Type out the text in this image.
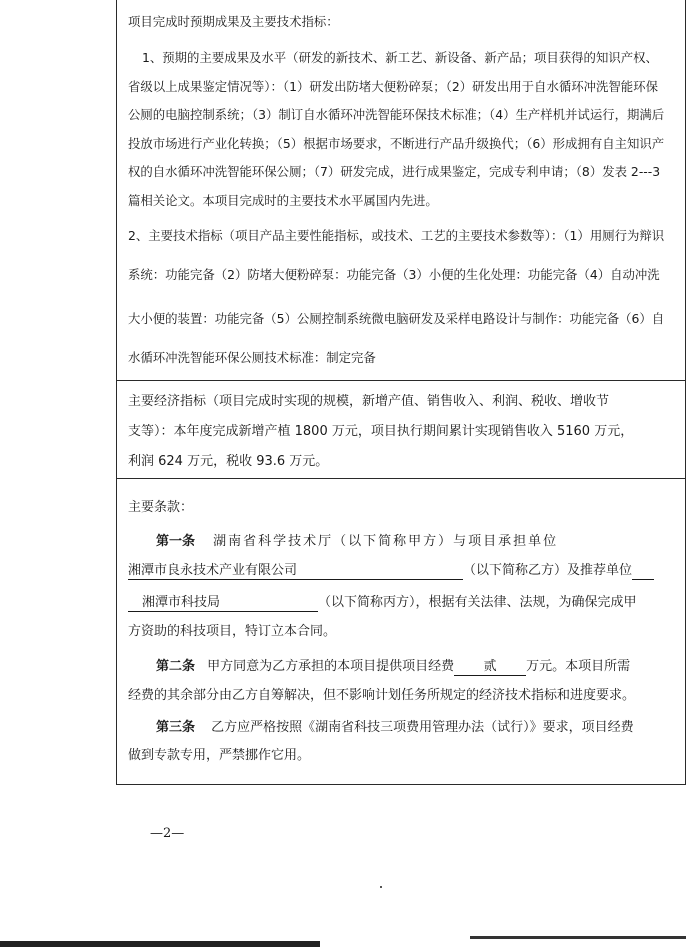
项目完成时预期成果及主要技术指标：
1、预期的主要成果及水平（研发的新技术、新工艺、新设备、新产品；项目获得的知识产权、
省级以上成果鉴定情况等）：（1）研发出防堵大便粉碎泵；（2）研发出用于自水循环冲洗智能环保
公厕的电脑控制系统；（3）制订自水循环冲洗智能环保技术标准；（4）生产样机并试运行，期满后
投放市场进行产业化转换；（5）根据市场要求，不断进行产品升级换代；（6）形成拥有自主知识产
权的自水循环冲洗智能环保公厕；（7）研发完成，进行成果鉴定，完成专利申请；（8）发表 2---3
篇相关论文。本项目完成时的主要技术水平属国内先进。
2、主要技术指标（项目产品主要性能指标，或技术、工艺的主要技术参数等）：（1）用厕行为辩识
系统：功能完备（2）防堵大便粉碎泵：功能完备（3）小便的生化处理：功能完备（4）自动冲洗
大小便的装置：功能完备（5）公厕控制系统微电脑研发及采样电路设计与制作：功能完备（6）自
水循环冲洗智能环保公厕技术标准：制定完备
主要经济指标（项目完成时实现的规模，新增产值、销售收入、利润、税收、增收节
支等）：本年度完成新增产植 1800 万元，项目执行期间累计实现销售收入 5160 万元，
利润 624 万元，税收 93.6 万元。
主要条款：
第一条 湖南省科学技术厅（以下简称甲方）与项目承担单位
湘潭市良永技术产业有限公司	（以下简称乙方）及推荐单位
湘潭市科技局	（以下简称丙方），根据有关法律、法规，为确保完成甲
方资助的科技项目，特订立本合同。
第二条 甲方同意为乙方承担的本项目提供项目经费 贰 万元。本项目所需
经费的其余部分由乙方自筹解决，但不影响计划任务所规定的经济技术指标和进度要求。
第三条 乙方应严格按照《湖南省科技三项费用管理办法（试行）》要求，项目经费
做到专款专用，严禁挪作它用。
—2—
